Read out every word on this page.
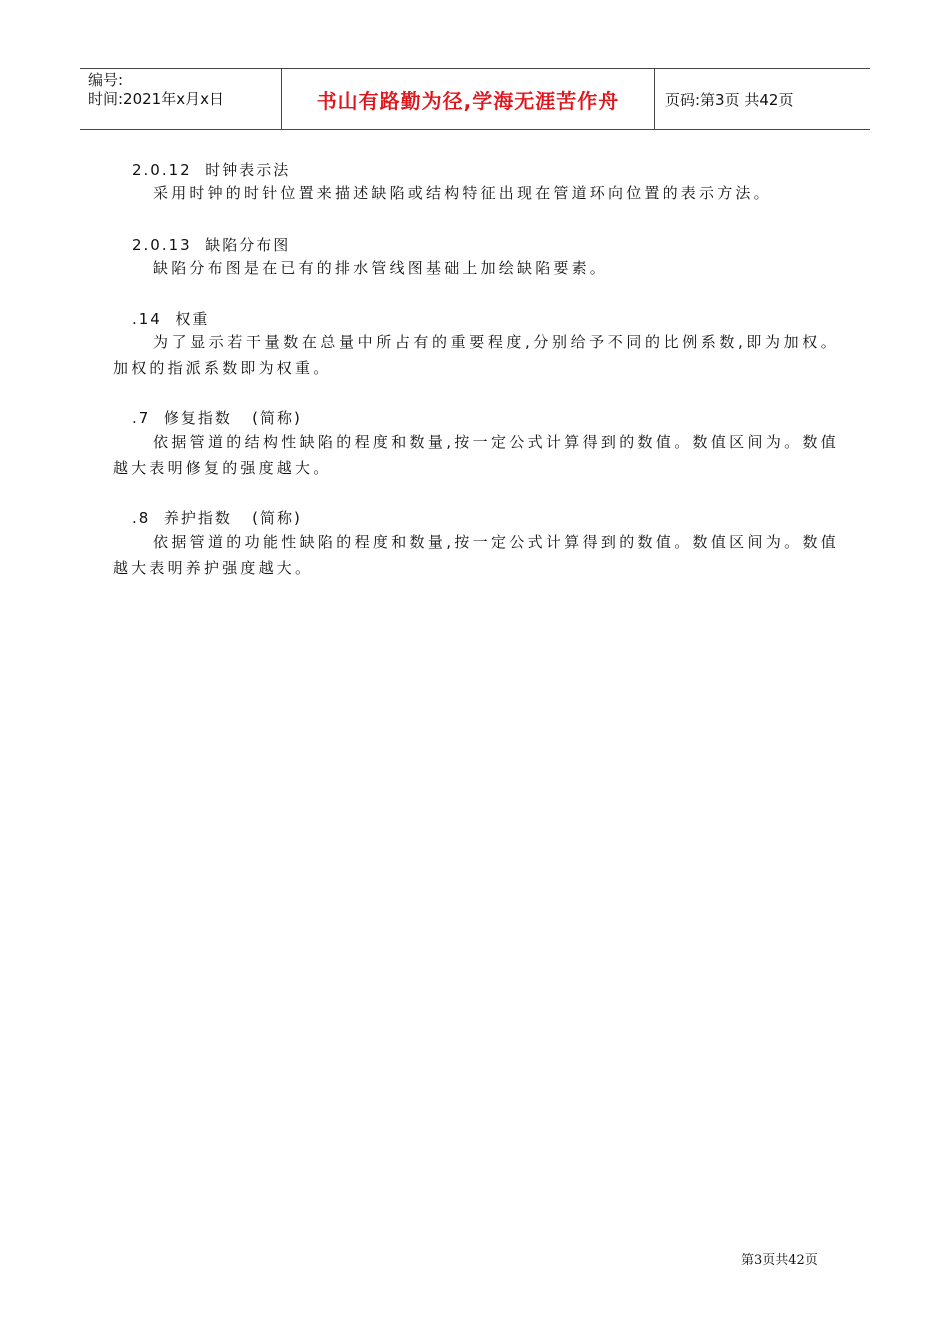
编号:
时间:2021年x月x日	书山有路勤为径,学海无涯苦作舟	页码:第3页 共42页
2.0.12  时钟表示法
采用时钟的时针位置来描述缺陷或结构特征出现在管道环向位置的表示方法。
2.0.13  缺陷分布图
缺陷分布图是在已有的排水管线图基础上加绘缺陷要素。
.14  权重
为了显示若干量数在总量中所占有的重要程度,分别给予不同的比例系数,即为加权。加权的指派系数即为权重。
.7  修复指数   (简称)
依据管道的结构性缺陷的程度和数量,按一定公式计算得到的数值。数值区间为。数值越大表明修复的强度越大。
.8  养护指数   (简称)
依据管道的功能性缺陷的程度和数量,按一定公式计算得到的数值。数值区间为。数值越大表明养护强度越大。
第3页共42页
